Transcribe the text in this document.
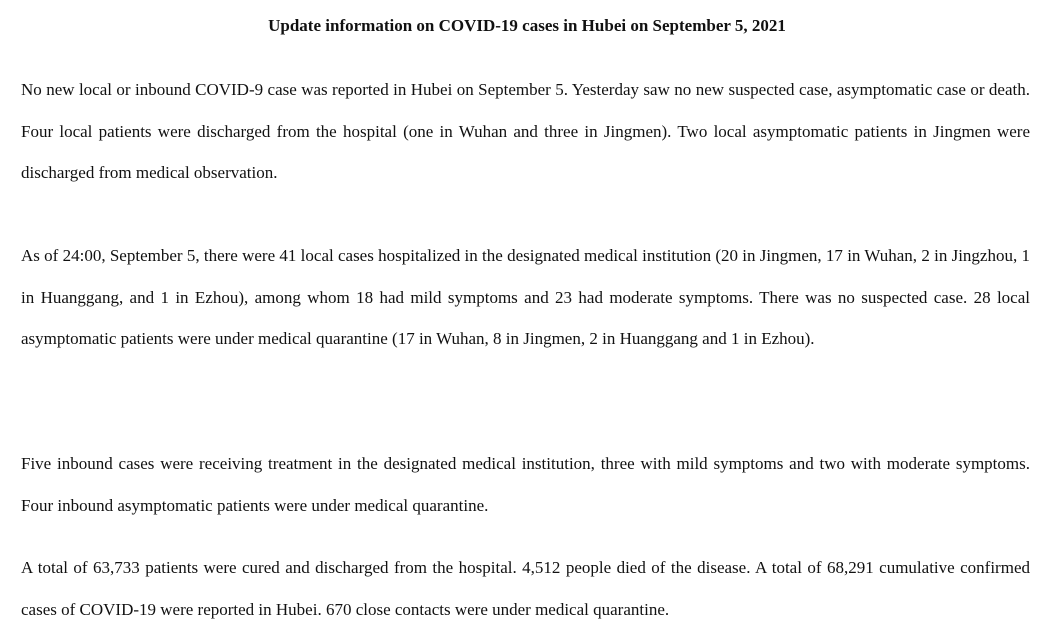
Update information on COVID-19 cases in Hubei on September 5, 2021

No new local or inbound COVID-9 case was reported in Hubei on September 5. Yesterday saw no new suspected case, asymptomatic case or death. Four local patients were discharged from the hospital (one in Wuhan and three in Jingmen). Two local asymptomatic patients in Jingmen were discharged from medical observation.

As of 24:00, September 5, there were 41 local cases hospitalized in the designated medical institution (20 in Jingmen, 17 in Wuhan, 2 in Jingzhou, 1 in Huanggang, and 1 in Ezhou), among whom 18 had mild symptoms and 23 had moderate symptoms. There was no suspected case. 28 local asymptomatic patients were under medical quarantine (17 in Wuhan, 8 in Jingmen, 2 in Huanggang and 1 in Ezhou).

Five inbound cases were receiving treatment in the designated medical institution, three with mild symptoms and two with moderate symptoms. Four inbound asymptomatic patients were under medical quarantine.

A total of 63,733 patients were cured and discharged from the hospital. 4,512 people died of the disease. A total of 68,291 cumulative confirmed cases of COVID-19 were reported in Hubei. 670 close contacts were under medical quarantine.
